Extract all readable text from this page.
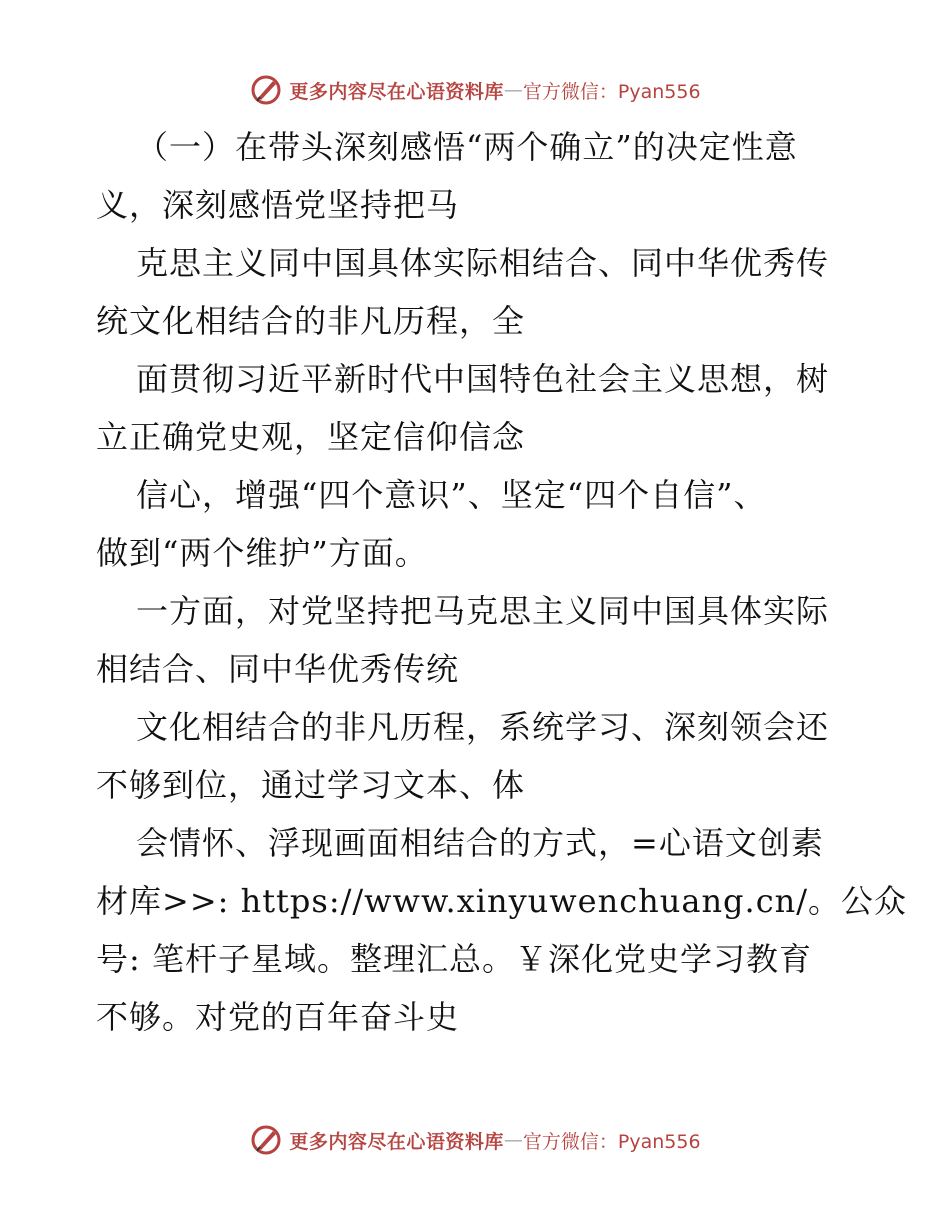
更多内容尽在心语资料库 — 官方微信：Pyan556
（一）在带头深刻感悟“两个确立”的决定性意
义，深刻感悟党坚持把马
克思主义同中国具体实际相结合、同中华优秀传
统文化相结合的非凡历程，全
面贯彻习近平新时代中国特色社会主义思想，树
立正确党史观，坚定信仰信念
信心，增强“四个意识”、坚定“四个自信”、
做到“两个维护”方面。
一方面，对党坚持把马克思主义同中国具体实际
相结合、同中华优秀传统
文化相结合的非凡历程，系统学习、深刻领会还
不够到位，通过学习文本、体
会情怀、浮现画面相结合的方式，=心语文创素
材库>>: https://www.xinyuwenchuang.cn/。公众
号: 笔杆子星域。整理汇总。￥深化党史学习教育
不够。对党的百年奋斗史
更多内容尽在心语资料库 — 官方微信：Pyan556
